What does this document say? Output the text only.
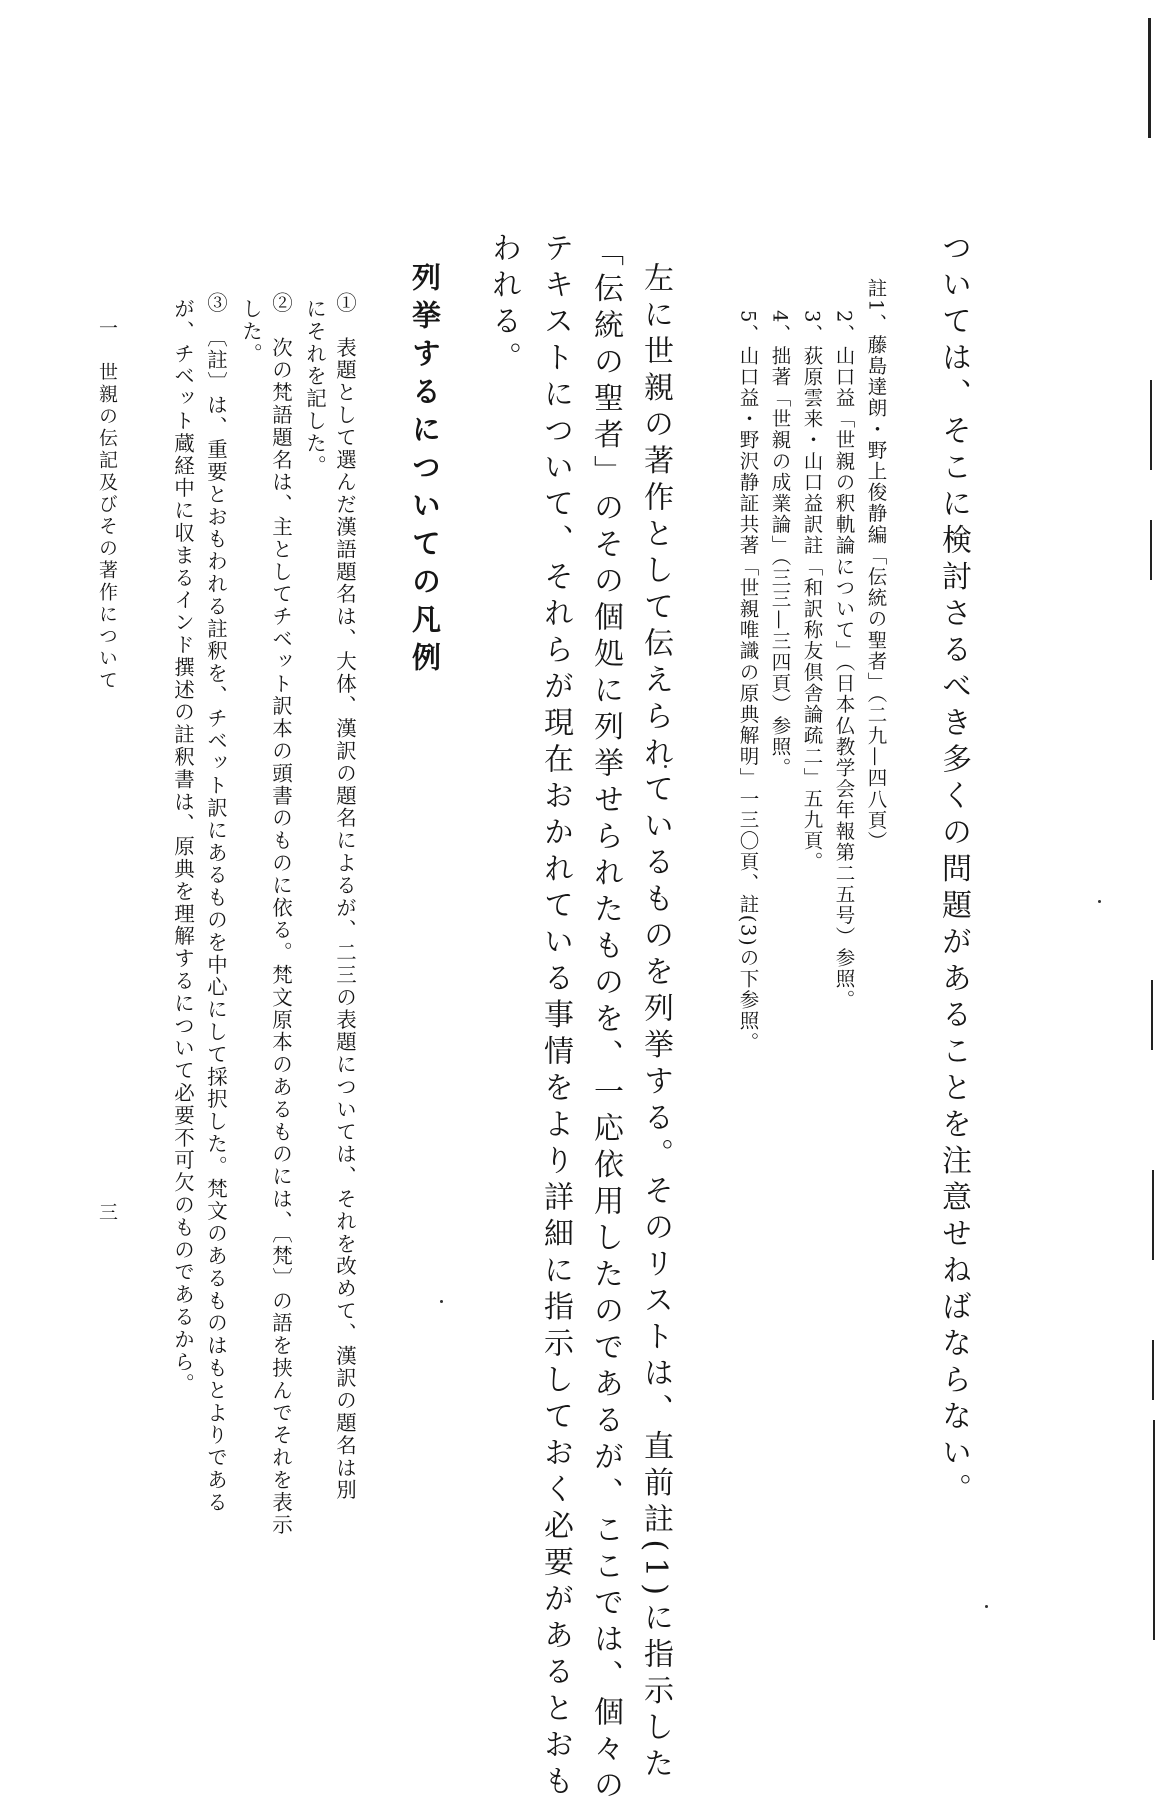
ついては、そこに検討さるべき多くの問題があることを注意せねばならない。

註1、藤島達朗・野上俊静編「伝統の聖者」（二九—四八頁）

2、山口益「世親の釈軌論について」（日本仏教学会年報第二五号）参照。

3、荻原雲来・山口益訳註「和訳称友倶舎論疏二」五九頁。

4、拙著「世親の成業論」（三三—三四頁）参照。

5、山口益・野沢静証共著「世親唯識の原典解明」一三〇頁、註(3)の下参照。

左に世親の著作として伝えられているものを列挙する。そのリストは、直前註(1)に指示した

「伝統の聖者」のその個処に列挙せられたものを、一応依用したのであるが、ここでは、個々の

テキストについて、それらが現在おかれている事情をより詳細に指示しておく必要があるとおも

われる。

列挙するについての凡例

①　表題として選んだ漢語題名は、大体、漢訳の題名によるが、二三の表題については、それを改めて、漢訳の題名は別

にそれを記した。

②　次の梵語題名は、主としてチベット訳本の頭書のものに依る。梵文原本のあるものには、〔梵〕の語を挟んでそれを表示

した。

③　〔註〕は、重要とおもわれる註釈を、チベット訳にあるものを中心にして採択した。梵文のあるものはもとよりである

が、チベット蔵経中に収まるインド撰述の註釈書は、原典を理解するについて必要不可欠のものであるから。

一　世親の伝記及びその著作について

三
